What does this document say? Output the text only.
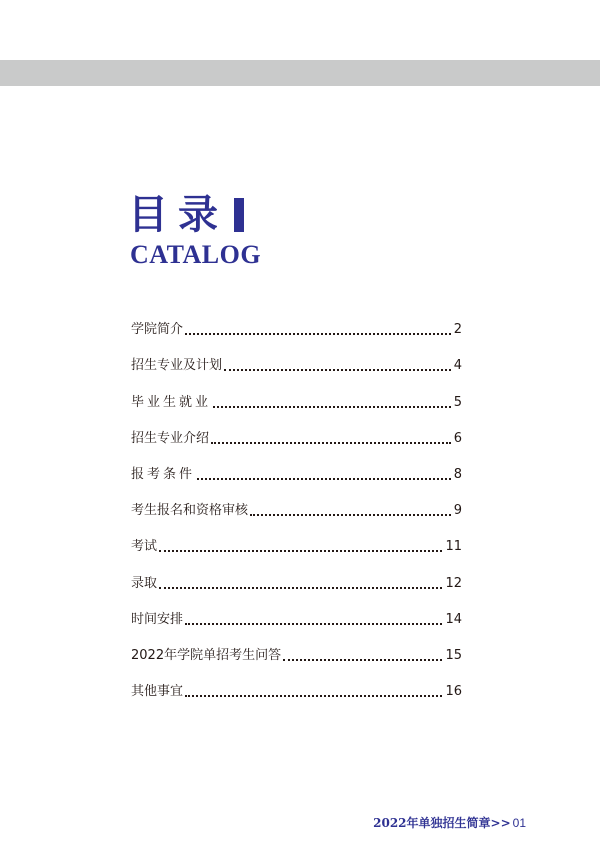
目录
CATALOG
学院简介	2
招生专业及计划	4
毕业生就业	5
招生专业介绍	6
报考条件	8
考生报名和资格审核	9
考试	11
录取	12
时间安排	14
2022年学院单招考生问答	15
其他事宜	16
2022年单独招生简章>> 01
